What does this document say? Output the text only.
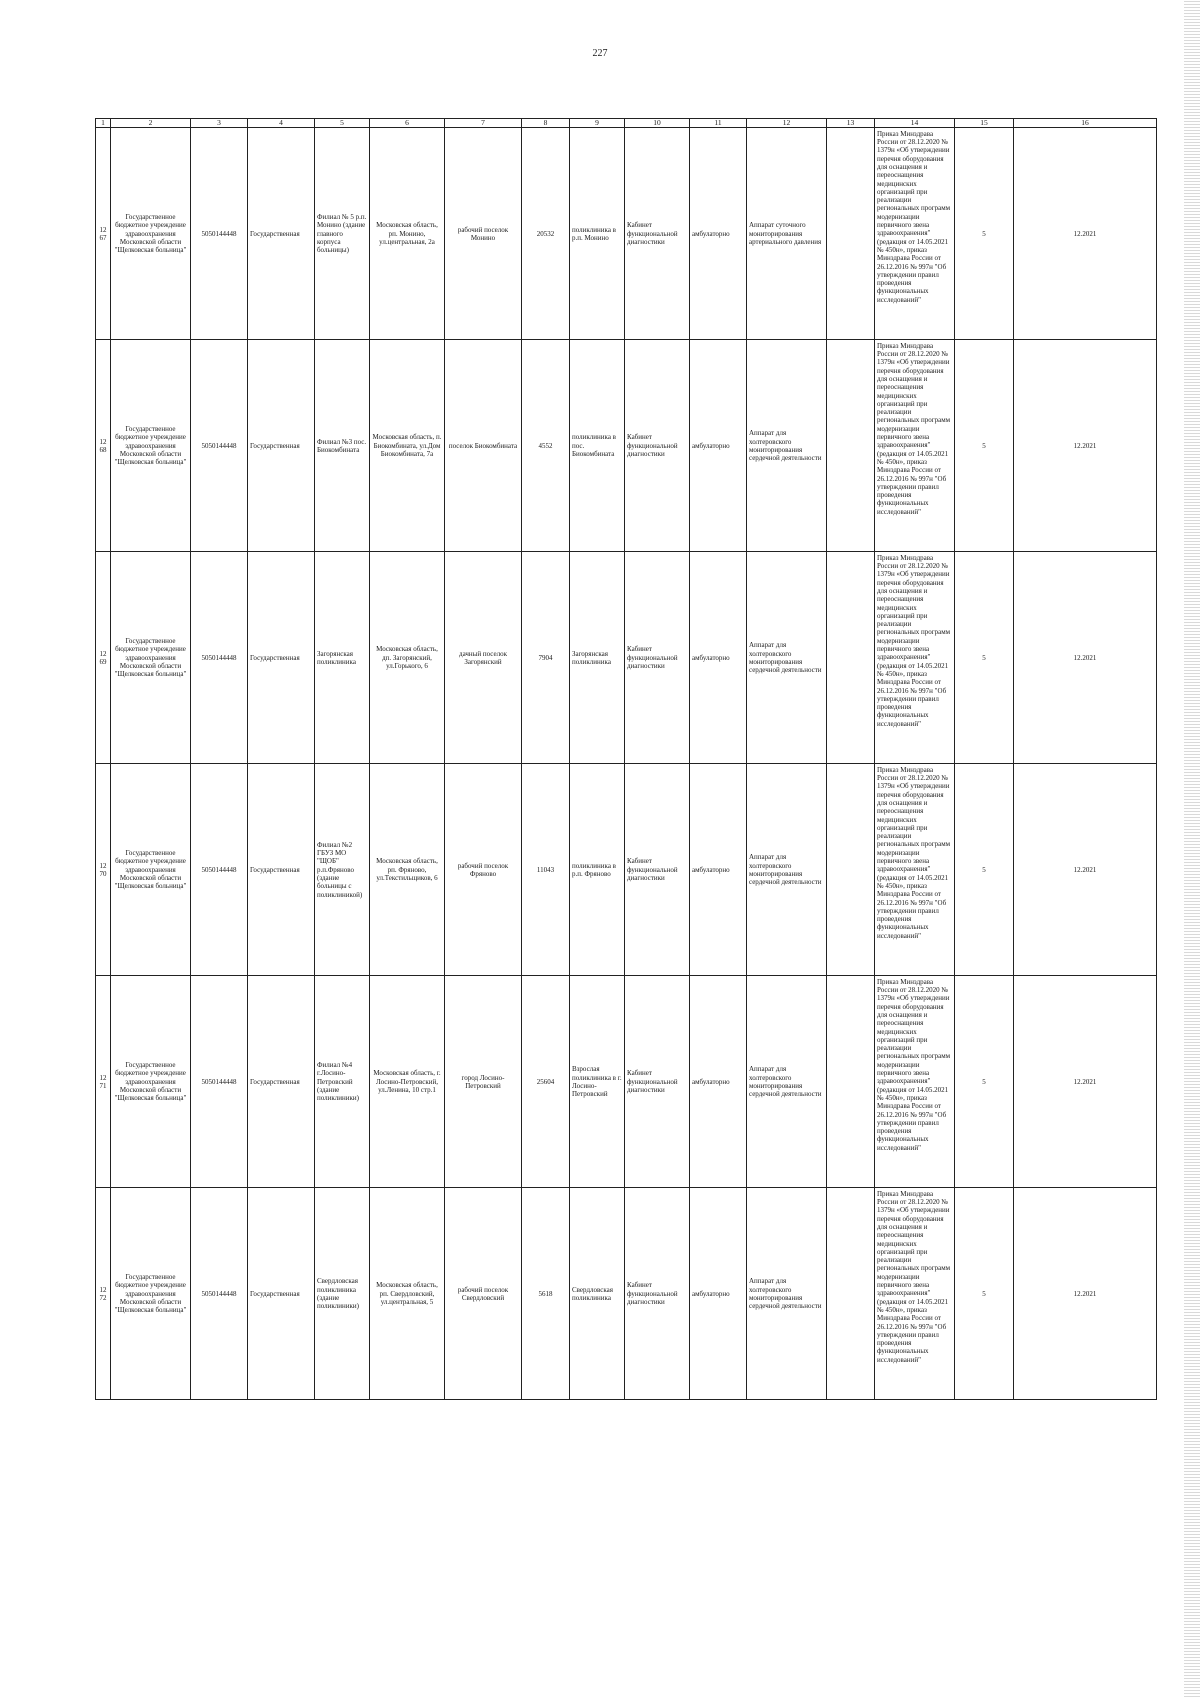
227
1	2	3	4	5	6	7	8	9	10	11	12	13	14	15	16
1267	Государственное бюджетное учреждение здравоохранения Московской области "Щелковская больница"	5050144448	Государственная	Филиал № 5 р.п. Монино (здание главного корпуса больницы)	Московская область, рп. Монино, ул.центральная, 2а	рабочий поселок Монино	20532	поликлиника в р.п. Монино	Кабинет функциональной диагностики	амбулаторно	Аппарат суточного мониторирования артериального давления		Приказ Минздрава России от 28.12.2020 № 1379н «Об утверждении перечня оборудования для оснащения и переоснащения медицинских организаций при реализации региональных программ модернизации первичного звена здравоохранения"(редакция от 14.05.2021 № 450н», приказ Минздрава России от 26.12.2016 № 997н "Об утверждении правил проведения функциональных исследований"	5	12.2021
1268	Государственное бюджетное учреждение здравоохранения Московской области "Щелковская больница"	5050144448	Государственная	Филиал №3 пос. Биокомбината	Московская область, п. Биокомбината, ул.Дом Биокомбината, 7а	поселок Биокомбината	4552	поликлиника в пос. Биокомбината	Кабинет функциональной диагностики	амбулаторно	Аппарат для холтеровского мониторирования сердечной деятельности		Приказ Минздрава России от 28.12.2020 № 1379н «Об утверждении перечня оборудования для оснащения и переоснащения медицинских организаций при реализации региональных программ модернизации первичного звена здравоохранения"(редакция от 14.05.2021 № 450н», приказ Минздрава России от 26.12.2016 № 997н "Об утверждении правил проведения функциональных исследований"	5	12.2021
1269	Государственное бюджетное учреждение здравоохранения Московской области "Щелковская больница"	5050144448	Государственная	Загорянская поликлиника	Московская область, дп. Загорянский, ул.Горького, 6	дачный поселок Загорянский	7904	Загорянская поликлиника	Кабинет функциональной диагностики	амбулаторно	Аппарат для холтеровского мониторирования сердечной деятельности		Приказ Минздрава России от 28.12.2020 № 1379н «Об утверждении перечня оборудования для оснащения и переоснащения медицинских организаций при реализации региональных программ модернизации первичного звена здравоохранения"(редакция от 14.05.2021 № 450н», приказ Минздрава России от 26.12.2016 № 997н "Об утверждении правил проведения функциональных исследований"	5	12.2021
1270	Государственное бюджетное учреждение здравоохранения Московской области "Щелковская больница"	5050144448	Государственная	Филиал №2 ГБУЗ МО "ЩОБ" р.п.Фряново (здание больницы с поликлиникой)	Московская область, рп. Фряново, ул.Текстильщиков, 6	рабочий поселок Фряново	11043	поликлиника в р.п. Фряново	Кабинет функциональной диагностики	амбулаторно	Аппарат для холтеровского мониторирования сердечной деятельности		Приказ Минздрава России от 28.12.2020 № 1379н «Об утверждении перечня оборудования для оснащения и переоснащения медицинских организаций при реализации региональных программ модернизации первичного звена здравоохранения"(редакция от 14.05.2021 № 450н», приказ Минздрава России от 26.12.2016 № 997н "Об утверждении правил проведения функциональных исследований"	5	12.2021
1271	Государственное бюджетное учреждение здравоохранения Московской области "Щелковская больница"	5050144448	Государственная	Филиал №4 г.Лосино-Петровский (здание поликлиники)	Московская область, г. Лосино-Петровский, ул.Ленина, 10 стр.1	город Лосино-Петровский	25604	Взрослая поликлиника в г. Лосино-Петровский	Кабинет функциональной диагностики	амбулаторно	Аппарат для холтеровского мониторирования сердечной деятельности		Приказ Минздрава России от 28.12.2020 № 1379н «Об утверждении перечня оборудования для оснащения и переоснащения медицинских организаций при реализации региональных программ модернизации первичного звена здравоохранения"(редакция от 14.05.2021 № 450н», приказ Минздрава России от 26.12.2016 № 997н "Об утверждении правил проведения функциональных исследований"	5	12.2021
1272	Государственное бюджетное учреждение здравоохранения Московской области "Щелковская больница"	5050144448	Государственная	Свердловская поликлиника (здание поликлиники)	Московская область, рп. Свердловский, ул.центральная, 5	рабочий поселок Свердловский	5618	Свердловская поликлиника	Кабинет функциональной диагностики	амбулаторно	Аппарат для холтеровского мониторирования сердечной деятельности		Приказ Минздрава России от 28.12.2020 № 1379н «Об утверждении перечня оборудования для оснащения и переоснащения медицинских организаций при реализации региональных программ модернизации первичного звена здравоохранения"(редакция от 14.05.2021 № 450н», приказ Минздрава России от 26.12.2016 № 997н "Об утверждении правил проведения функциональных исследований"	5	12.2021
